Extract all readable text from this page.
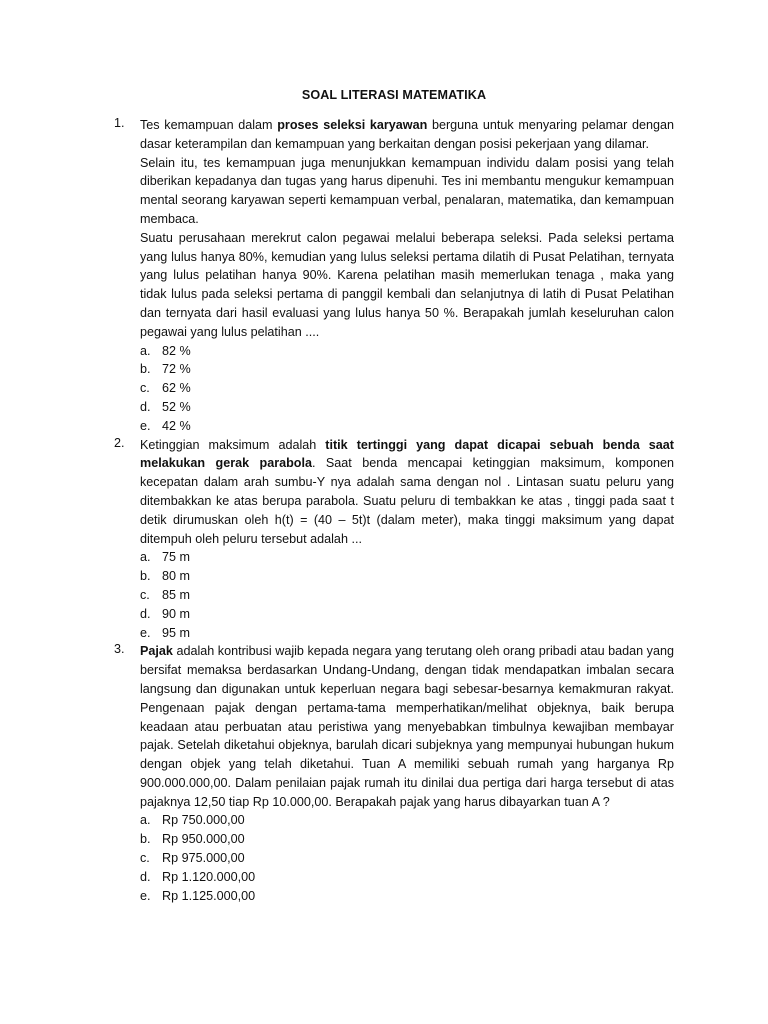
SOAL LITERASI MATEMATIKA
1. Tes kemampuan dalam proses seleksi karyawan berguna untuk menyaring pelamar dengan dasar keterampilan dan kemampuan yang berkaitan dengan posisi pekerjaan yang dilamar.

Selain itu, tes kemampuan juga menunjukkan kemampuan individu dalam posisi yang telah diberikan kepadanya dan tugas yang harus dipenuhi. Tes ini membantu mengukur kemampuan mental seorang karyawan seperti kemampuan verbal, penalaran, matematika, dan kemampuan membaca.

Suatu perusahaan merekrut calon pegawai melalui beberapa seleksi. Pada seleksi pertama yang lulus hanya 80%, kemudian yang lulus seleksi pertama dilatih di Pusat Pelatihan, ternyata yang lulus pelatihan hanya 90%. Karena pelatihan masih memerlukan tenaga , maka yang tidak lulus pada seleksi pertama di panggil kembali dan selanjutnya di latih di Pusat Pelatihan dan ternyata dari hasil evaluasi yang lulus hanya 50 %. Berapakah jumlah keseluruhan calon pegawai yang lulus pelatihan ....

a. 82 %
b. 72 %
c. 62 %
d. 52 %
e. 42 %
2. Ketinggian maksimum adalah titik tertinggi yang dapat dicapai sebuah benda saat melakukan gerak parabola. Saat benda mencapai ketinggian maksimum, komponen kecepatan dalam arah sumbu-Y nya adalah sama dengan nol . Lintasan suatu peluru yang ditembakkan ke atas berupa parabola. Suatu peluru di tembakkan ke atas , tinggi pada saat t detik dirumuskan oleh h(t) = (40 – 5t)t (dalam meter), maka tinggi maksimum yang dapat ditempuh oleh peluru tersebut adalah ...

a. 75 m
b. 80 m
c. 85 m
d. 90 m
e. 95 m
3. Pajak adalah kontribusi wajib kepada negara yang terutang oleh orang pribadi atau badan yang bersifat memaksa berdasarkan Undang-Undang, dengan tidak mendapatkan imbalan secara langsung dan digunakan untuk keperluan negara bagi sebesar-besarnya kemakmuran rakyat. Pengenaan pajak dengan pertama-tama memperhatikan/melihat objeknya, baik berupa keadaan atau perbuatan atau peristiwa yang menyebabkan timbulnya kewajiban membayar pajak. Setelah diketahui objeknya, barulah dicari subjeknya yang mempunyai hubungan hukum dengan objek yang telah diketahui. Tuan A memiliki sebuah rumah yang harganya Rp 900.000.000,00. Dalam penilaian pajak rumah itu dinilai dua pertiga dari harga tersebut di atas pajaknya 12,50 tiap Rp 10.000,00. Berapakah pajak yang harus dibayarkan tuan A ?

a. Rp 750.000,00
b. Rp 950.000,00
c. Rp 975.000,00
d. Rp 1.120.000,00
e. Rp 1.125.000,00
